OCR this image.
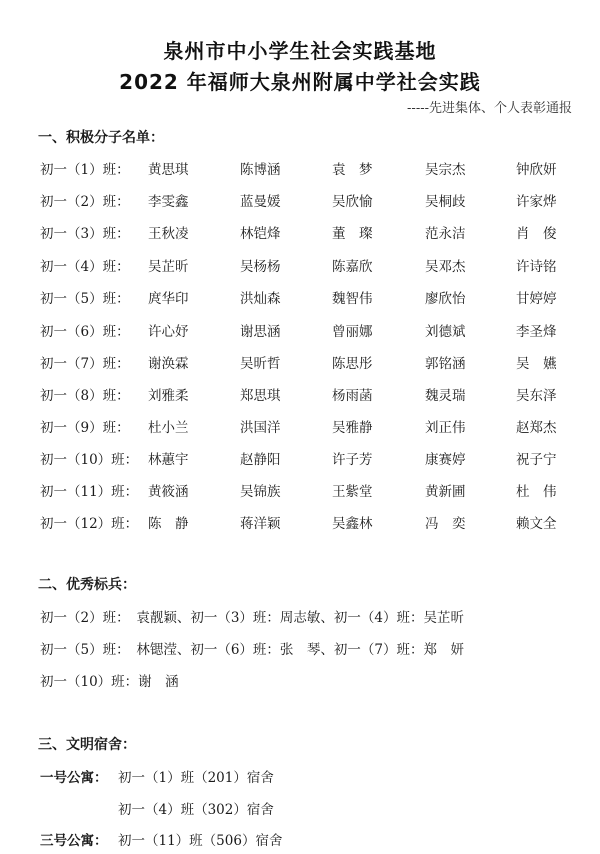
泉州市中小学生社会实践基地
2022 年福师大泉州附属中学社会实践
-----先进集体、个人表彰通报
一、积极分子名单：
初一（1）班： 黄思琪	陈博涵	袁　梦	吴宗杰	钟欣妍
初一（2）班： 李雯鑫	蓝曼媛	吴欣愉	吴桐歧	许家烨
初一（3）班： 王秋凌	林铠烽	董　璨	范永洁	肖　俊
初一（4）班： 吴芷昕	吴杨杨	陈嘉欣	吴邓杰	许诗铭
初一（5）班： 庹华印	洪灿森	魏智伟	廖欣怡	甘婷婷
初一（6）班： 许心妤	谢思涵	曾丽娜	刘德斌	李圣烽
初一（7）班： 谢涣霖	吴昕哲	陈思彤	郭铭涵	吴　嬿
初一（8）班： 刘雅柔	郑思琪	杨雨菡	魏灵瑞	吴东泽
初一（9）班： 杜小兰	洪国洋	吴雅静	刘正伟	赵郑杰
初一（10）班： 林蕙宇	赵静阳	许子芳	康赛婷	祝子宁
初一（11）班： 黄筱涵	吴锦族	王紫堂	黄新圃	杜　伟
初一（12）班： 陈　静	蒋洋颖	吴鑫林	冯　奕	赖文全
二、优秀标兵：
初一（2）班：　袁靓颖、初一（3）班：周志敏、初一（4）班：吴芷昕
初一（5）班：　林锶滢、初一（6）班：张　琴、初一（7）班：郑　妍
初一（10）班：谢　涵
三、文明宿舍：
一号公寓： 初一（1）班（201）宿舍
初一（4）班（302）宿舍
三号公寓： 初一（11）班（506）宿舍
